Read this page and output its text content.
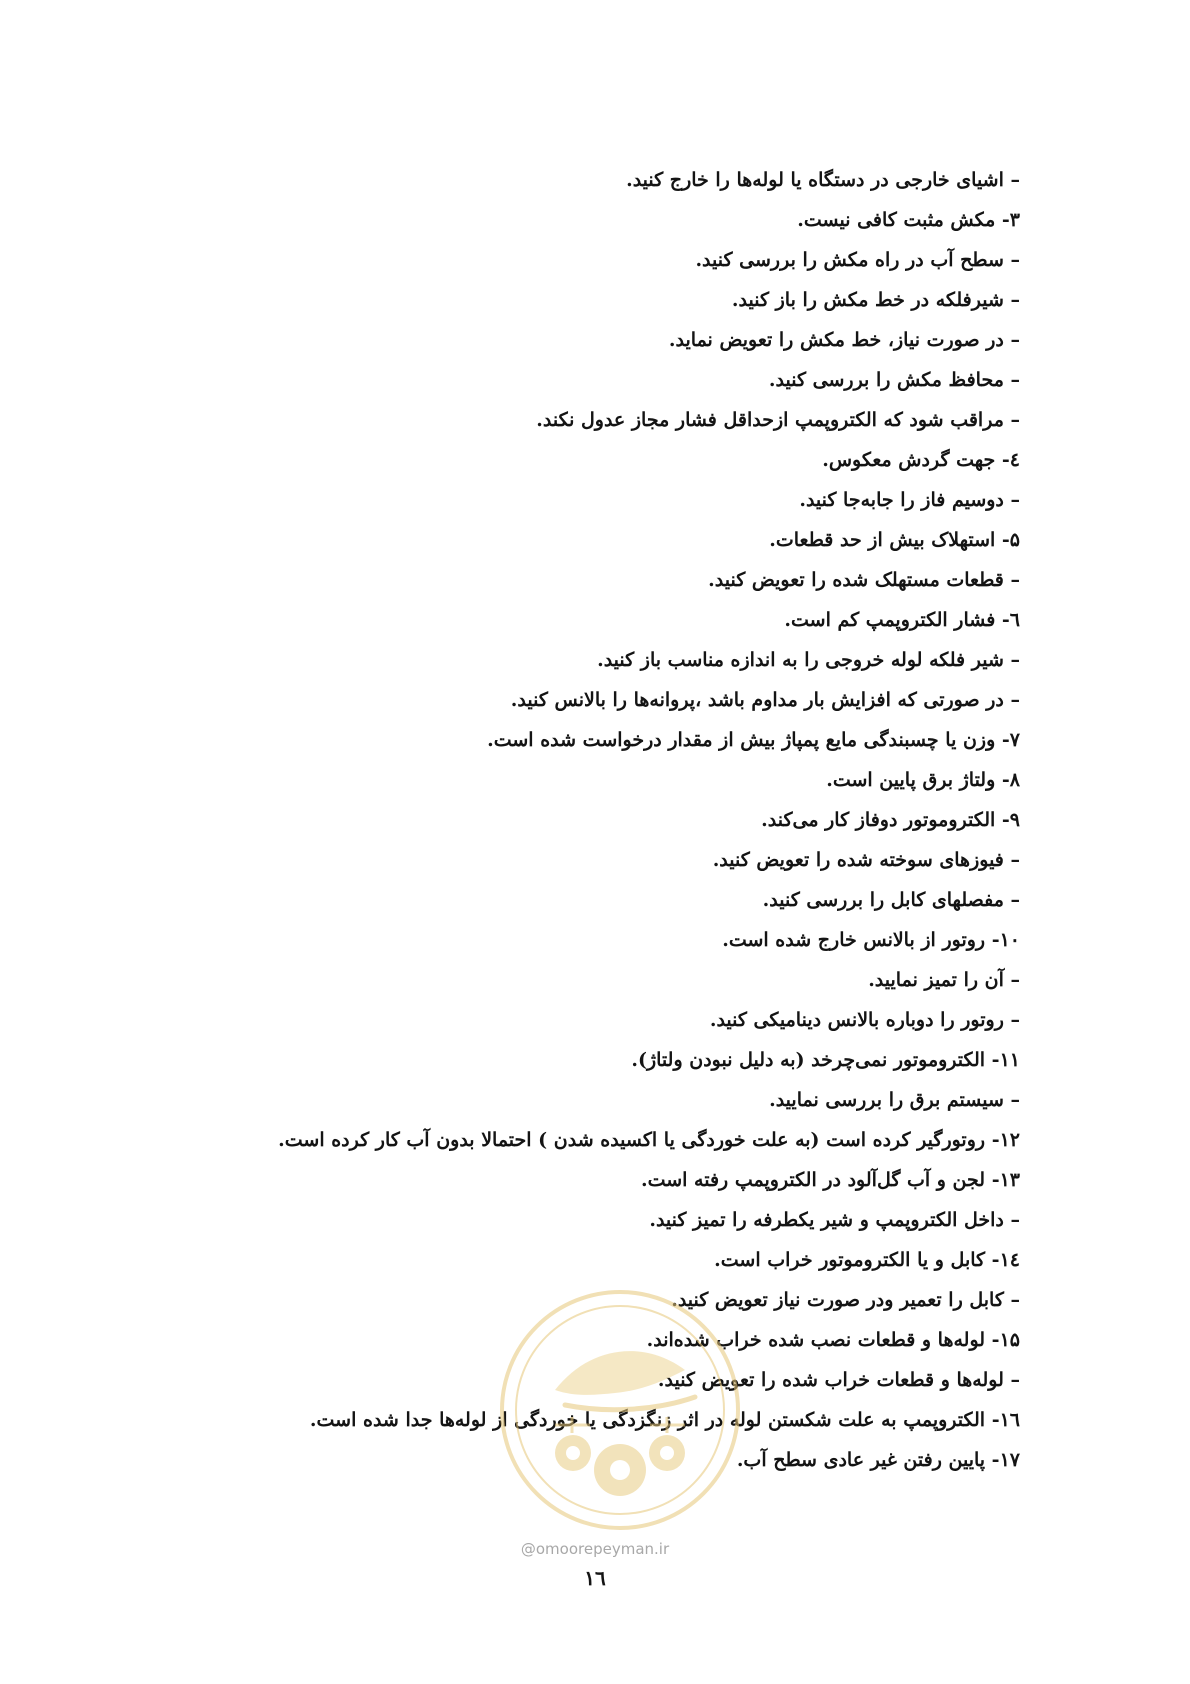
– اشیای خارجی در دستگاه یا لوله‌ها را خارج کنید.
۳- مکش مثبت کافی نیست.
– سطح آب در راه مکش را بررسی کنید.
– شیرفلکه در خط مکش را باز کنید.
– در صورت نیاز، خط مکش را تعویض نماید.
– محافظ مکش را بررسی کنید.
– مراقب شود که الکتروپمپ ازحداقل فشار مجاز عدول نکند.
٤- جهت گردش معکوس.
– دوسیم فاز را جابه‌جا کنید.
۵- استهلاک بیش از حد قطعات.
– قطعات مستهلک شده را تعویض کنید.
٦- فشار الکتروپمپ کم است.
– شیر فلکه لوله خروجی را به اندازه مناسب باز کنید.
– در صورتی که افزایش بار مداوم باشد ،پروانه‌ها را بالانس کنید.
۷- وزن یا چسبندگی مایع پمپاژ بیش از مقدار درخواست شده است.
۸- ولتاژ برق پایین است.
۹- الکتروموتور دوفاز کار می‌کند.
– فیوزهای سوخته شده را تعویض کنید.
– مفصلهای کابل را بررسی کنید.
۱۰- روتور از بالانس خارج شده است.
– آن را تمیز نمایید.
– روتور را دوباره بالانس دینامیکی کنید.
۱۱- الکتروموتور نمی‌چرخد (به دلیل نبودن ولتاژ).
– سیستم برق را بررسی نمایید.
۱۲- روتورگیر کرده است (به علت خوردگی یا اکسیده شدن ) احتمالا بدون آب کار کرده است.
۱۳- لجن و آب گل‌آلود در الکتروپمپ رفته است.
– داخل الکتروپمپ و شیر یکطرفه را تمیز کنید.
۱٤- کابل و یا الکتروموتور خراب است.
– کابل را تعمیر ودر صورت نیاز تعویض کنید.
۱۵- لوله‌ها و قطعات نصب شده خراب شده‌اند.
– لوله‌ها و قطعات خراب شده را تعویض کنید.
۱٦- الکتروپمپ به علت شکستن لوله در اثر زنگزدگی یا خوردگی از لوله‌ها جدا شده است.
۱۷- پایین رفتن غیر عادی سطح آب.
@omoorepeyman.ir
۱٦
